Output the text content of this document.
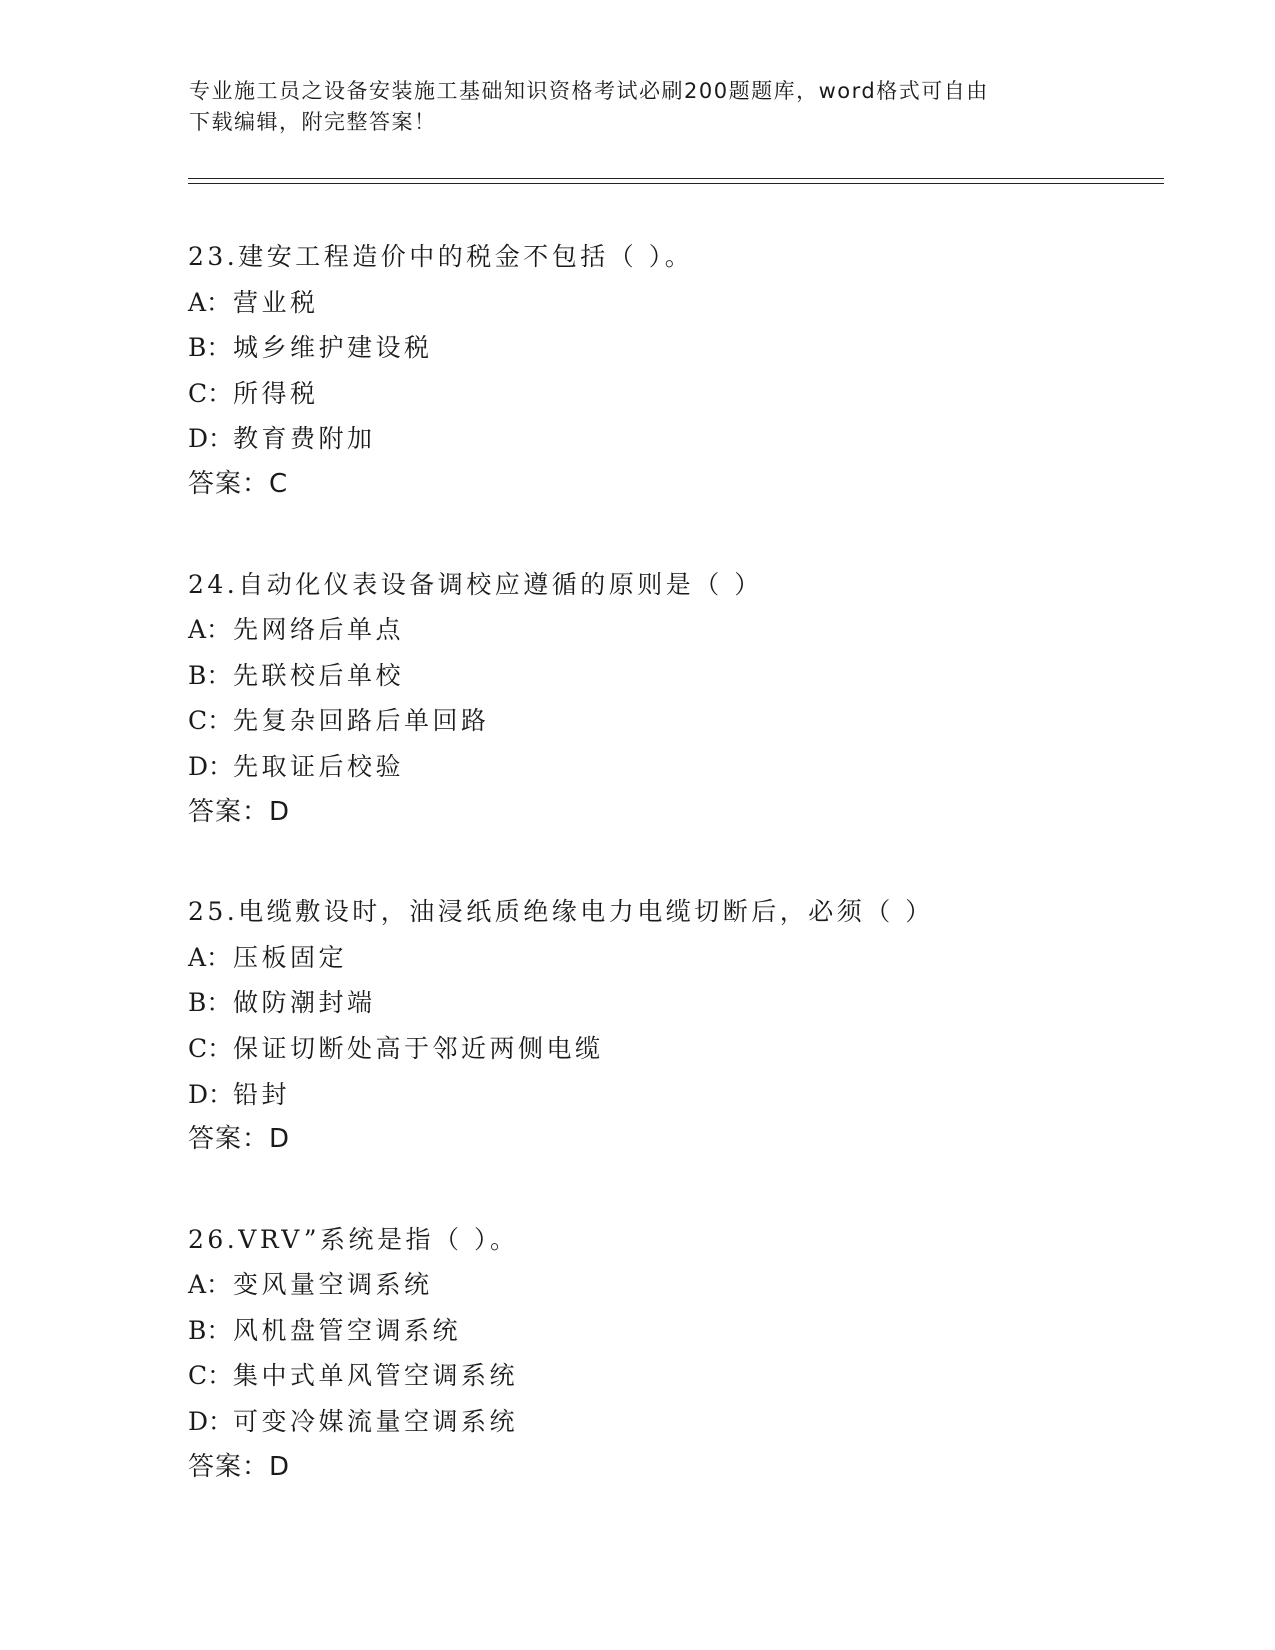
专业施工员之设备安装施工基础知识资格考试必刷200题题库，word格式可自由
下载编辑，附完整答案！
23.建安工程造价中的税金不包括（ ）。
A：营业税
B：城乡维护建设税
C：所得税
D：教育费附加
答案：C
24.自动化仪表设备调校应遵循的原则是（ ）
A：先网络后单点
B：先联校后单校
C：先复杂回路后单回路
D：先取证后校验
答案：D
25.电缆敷设时，油浸纸质绝缘电力电缆切断后，必须（ ）
A：压板固定
B：做防潮封端
C：保证切断处高于邻近两侧电缆
D：铅封
答案：D
26.VRV”系统是指（ ）。
A：变风量空调系统
B：风机盘管空调系统
C：集中式单风管空调系统
D：可变冷媒流量空调系统
答案：D
